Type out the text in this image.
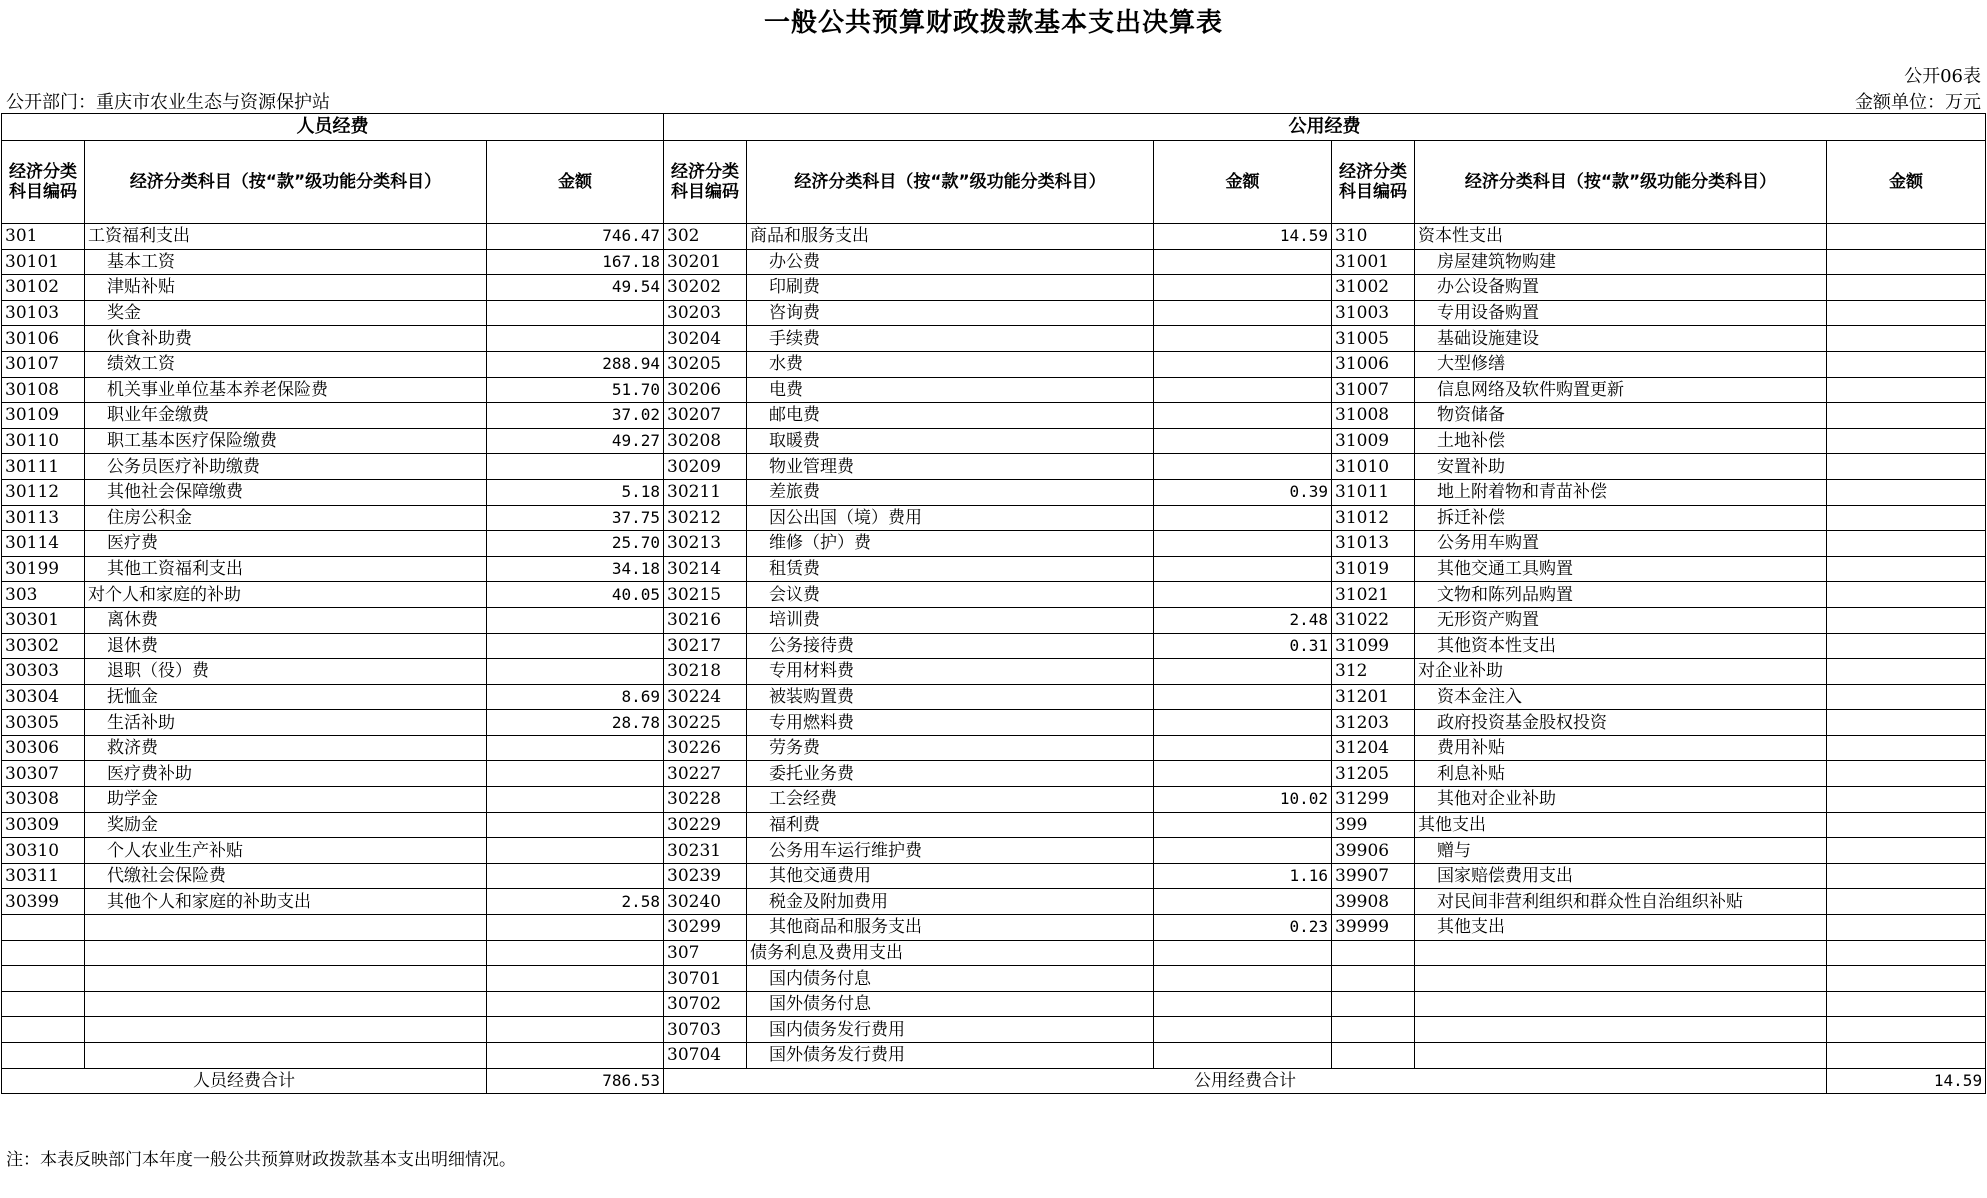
一般公共预算财政拨款基本支出决算表
公开06表
公开部门：重庆市农业生态与资源保护站	金额单位：万元
人员经费			公用经费					
经济分类科目编码	经济分类科目（按“款”级功能分类科目）	金额	经济分类科目编码	经济分类科目（按“款”级功能分类科目）	金额	经济分类科目编码	经济分类科目（按“款”级功能分类科目）	金额
301	工资福利支出	746.47	302	商品和服务支出	14.59	310	资本性支出	
30101	基本工资	167.18	30201	办公费		31001	房屋建筑物购建	
30102	津贴补贴	49.54	30202	印刷费		31002	办公设备购置	
30103	奖金		30203	咨询费		31003	专用设备购置	
30106	伙食补助费		30204	手续费		31005	基础设施建设	
30107	绩效工资	288.94	30205	水费		31006	大型修缮	
30108	机关事业单位基本养老保险费	51.70	30206	电费		31007	信息网络及软件购置更新	
30109	职业年金缴费	37.02	30207	邮电费		31008	物资储备	
30110	职工基本医疗保险缴费	49.27	30208	取暖费		31009	土地补偿	
30111	公务员医疗补助缴费		30209	物业管理费		31010	安置补助	
30112	其他社会保障缴费	5.18	30211	差旅费	0.39	31011	地上附着物和青苗补偿	
30113	住房公积金	37.75	30212	因公出国（境）费用		31012	拆迁补偿	
30114	医疗费	25.70	30213	维修（护）费		31013	公务用车购置	
30199	其他工资福利支出	34.18	30214	租赁费		31019	其他交通工具购置	
303	对个人和家庭的补助	40.05	30215	会议费		31021	文物和陈列品购置	
30301	离休费		30216	培训费	2.48	31022	无形资产购置	
30302	退休费		30217	公务接待费	0.31	31099	其他资本性支出	
30303	退职（役）费		30218	专用材料费		312	对企业补助	
30304	抚恤金	8.69	30224	被装购置费		31201	资本金注入	
30305	生活补助	28.78	30225	专用燃料费		31203	政府投资基金股权投资	
30306	救济费		30226	劳务费		31204	费用补贴	
30307	医疗费补助		30227	委托业务费		31205	利息补贴	
30308	助学金		30228	工会经费	10.02	31299	其他对企业补助	
30309	奖励金		30229	福利费		399	其他支出	
30310	个人农业生产补贴		30231	公务用车运行维护费		39906	赠与	
30311	代缴社会保险费		30239	其他交通费用	1.16	39907	国家赔偿费用支出	
30399	其他个人和家庭的补助支出	2.58	30240	税金及附加费用		39908	对民间非营利组织和群众性自治组织补贴	
			30299	其他商品和服务支出	0.23	39999	其他支出	
			307	债务利息及费用支出				
			30701	国内债务付息				
			30702	国外债务付息				
			30703	国内债务发行费用				
			30704	国外债务发行费用				
人员经费合计		786.53	公用经费合计					14.59
注：本表反映部门本年度一般公共预算财政拨款基本支出明细情况。
